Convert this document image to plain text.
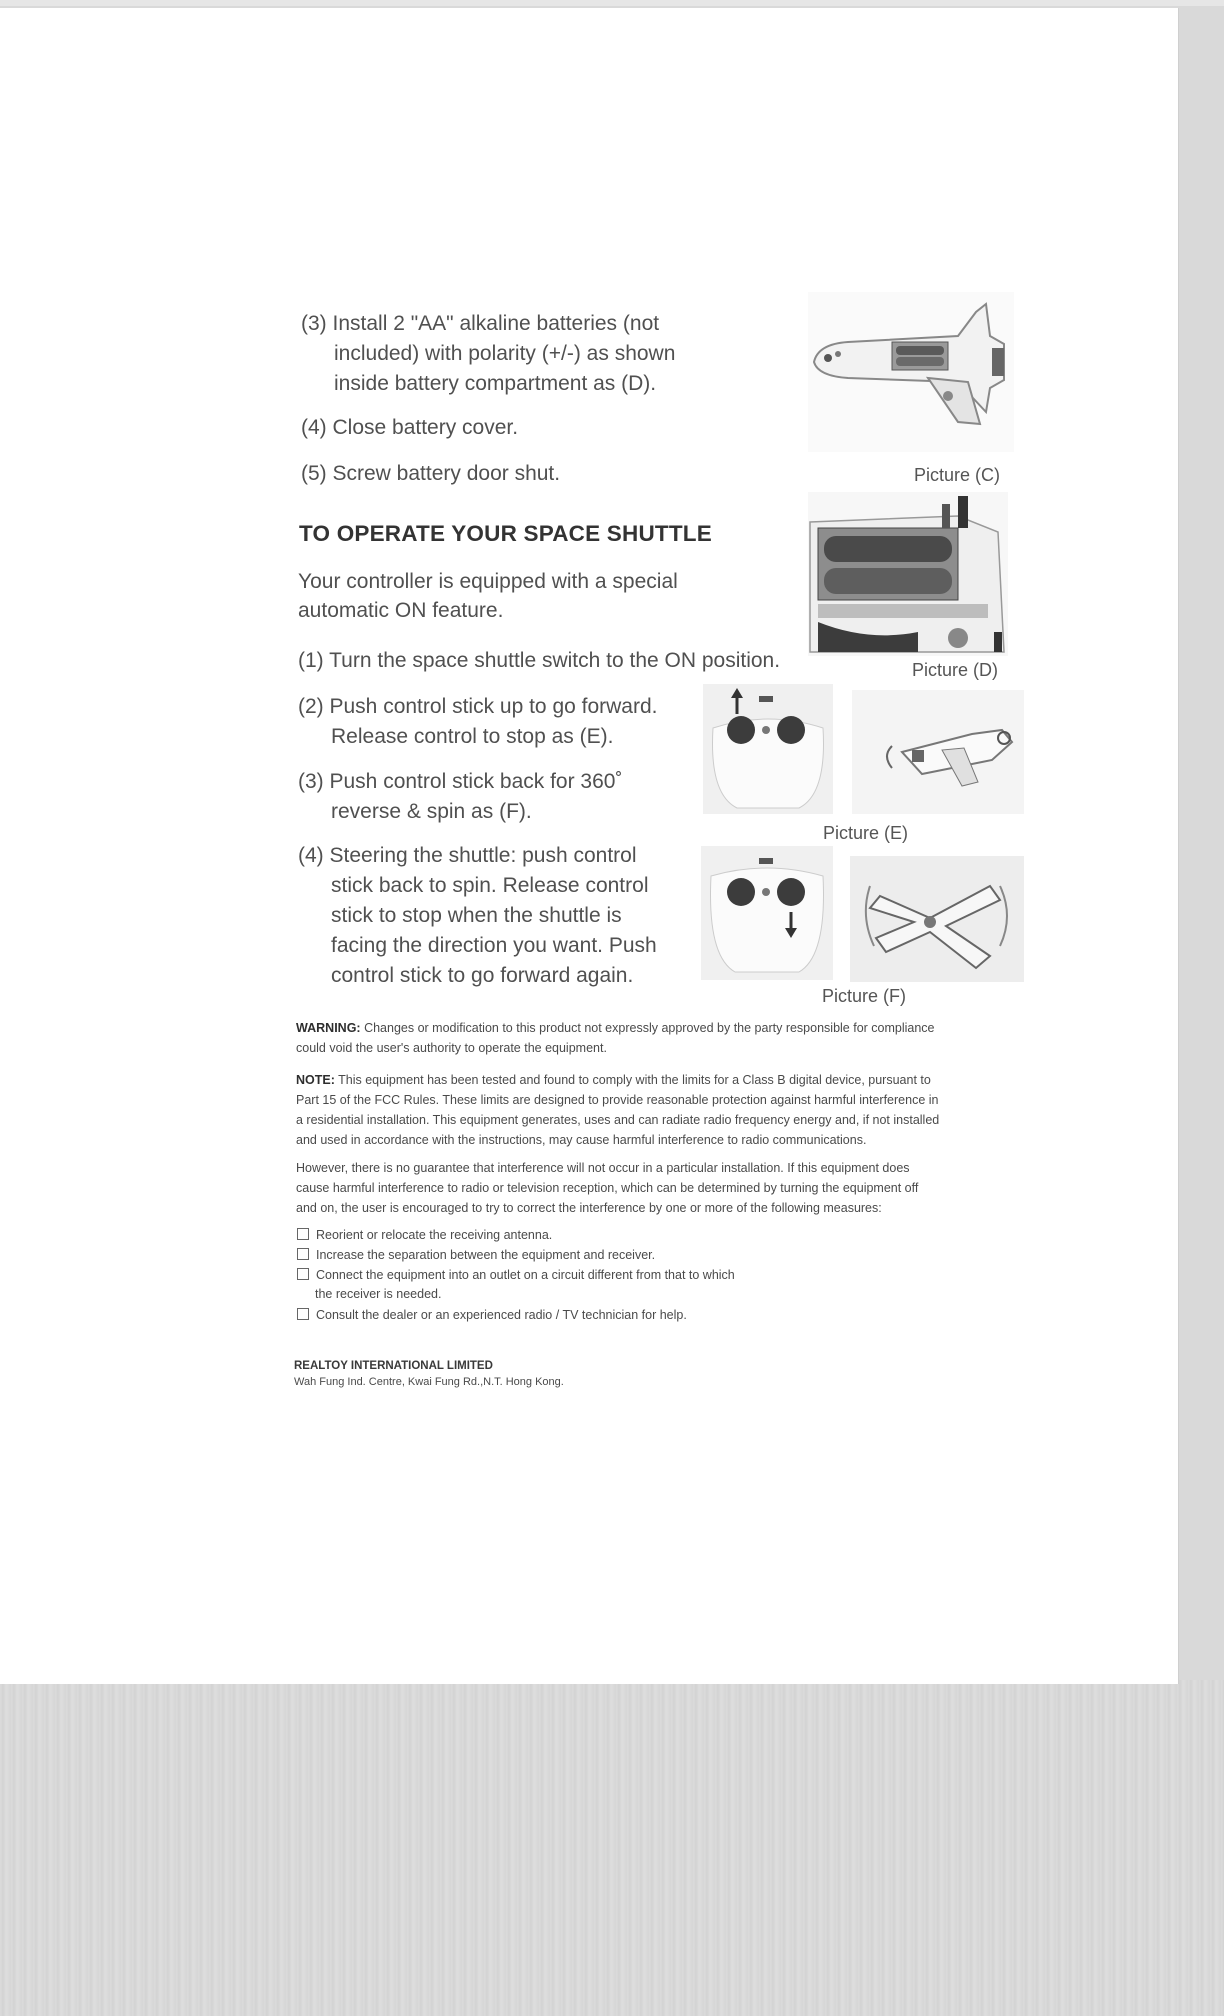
(3) Install 2 "AA" alkaline batteries (not
included) with polarity (+/-) as shown
inside battery compartment as (D).
(4) Close battery cover.
(5) Screw battery door shut.
TO OPERATE YOUR SPACE SHUTTLE
Your controller is equipped with a special
automatic ON feature.
(1) Turn the space shuttle switch to the ON position.
(2) Push control stick up to go forward.
Release control to stop as (E).
(3) Push control stick back for 360˚
reverse & spin as (F).
(4) Steering the shuttle: push control
stick back to spin. Release control
stick to stop when the shuttle is
facing the direction you want. Push
control stick to go forward again.
Picture (C)
Picture (D)
Picture (E)
Picture (F)
WARNING: Changes or modification to this product not expressly approved by the party responsible for compliance
could void the user's authority to operate the equipment.
NOTE: This equipment has been tested and found to comply with the limits for a Class B digital device, pursuant to
Part 15 of the FCC Rules. These limits are designed to provide reasonable protection against harmful interference in
a residential installation. This equipment generates, uses and can radiate radio frequency energy and, if not installed
and used in accordance with the instructions, may cause harmful interference to radio communications.
However, there is no guarantee that interference will not occur in a particular installation. If this equipment does
cause harmful interference to radio or television reception, which can be determined by turning the equipment off
and on, the user is encouraged to try to correct the interference by one or more of the following measures:
Reorient or relocate the receiving antenna.
Increase the separation between the equipment and receiver.
Connect the equipment into an outlet on a circuit different from that to which
the receiver is needed.
Consult the dealer or an experienced radio / TV technician for help.
REALTOY INTERNATIONAL LIMITED
Wah Fung Ind. Centre, Kwai Fung Rd.,N.T. Hong Kong.
